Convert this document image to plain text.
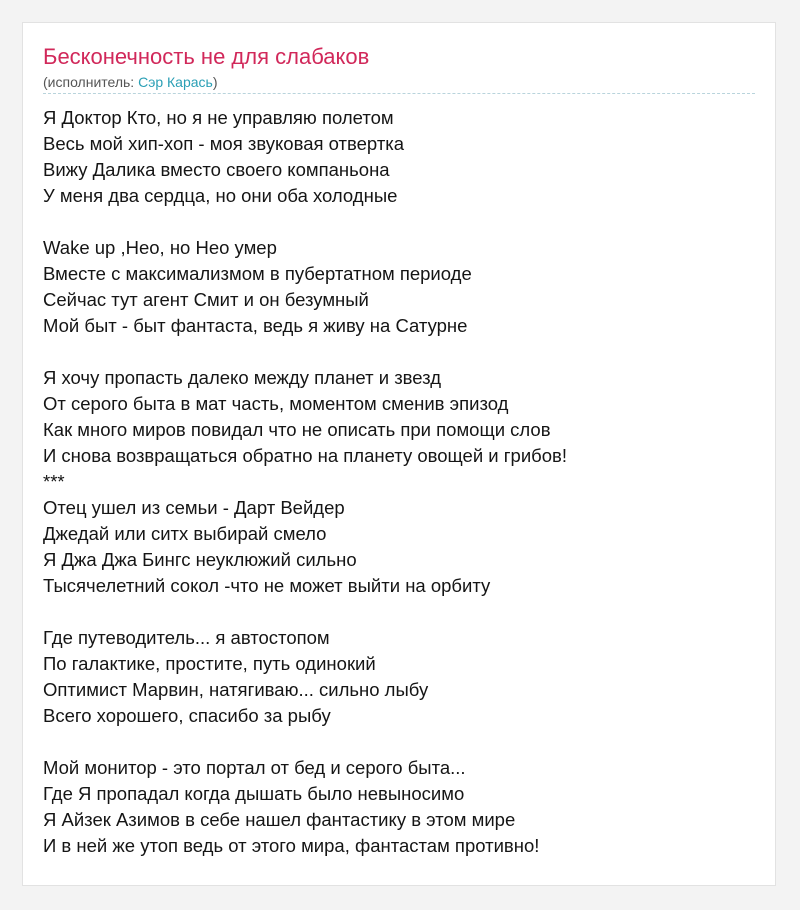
Бесконечность не для слабаков
(исполнитель: Сэр Карась)
Я Доктор Кто, но я не управляю полетом
Весь мой хип-хоп - моя звуковая отвертка
Вижу Далика вместо своего компаньона
У меня два сердца, но они оба холодные
Wake up ,Нео, но Нео умер
Вместе с максимализмом в пубертатном периоде
Сейчас тут агент Смит и он безумный
Мой быт - быт фантаста, ведь я живу на Сатурне
Я хочу пропасть далеко между планет и звезд
От серого быта в мат часть, моментом сменив эпизод
Как много миров повидал что не описать при помощи слов
И снова возвращаться обратно на планету овощей и грибов!
***
Отец ушел из семьи - Дарт Вейдер
Джедай или ситх выбирай смело
Я Джа Джа Бингс неуклюжий сильно
Тысячелетний сокол -что не может выйти на орбиту
Где путеводитель... я автостопом
По галактике, простите, путь одинокий
Оптимист Марвин, натягиваю... сильно лыбу
Всего хорошего, спасибо за рыбу
Мой монитор - это портал от бед и серого быта...
Где Я пропадал когда дышать было невыносимо
Я Айзек Азимов в себе нашел фантастику в этом мире
И в ней же утоп ведь от этого мира, фантастам противно!
